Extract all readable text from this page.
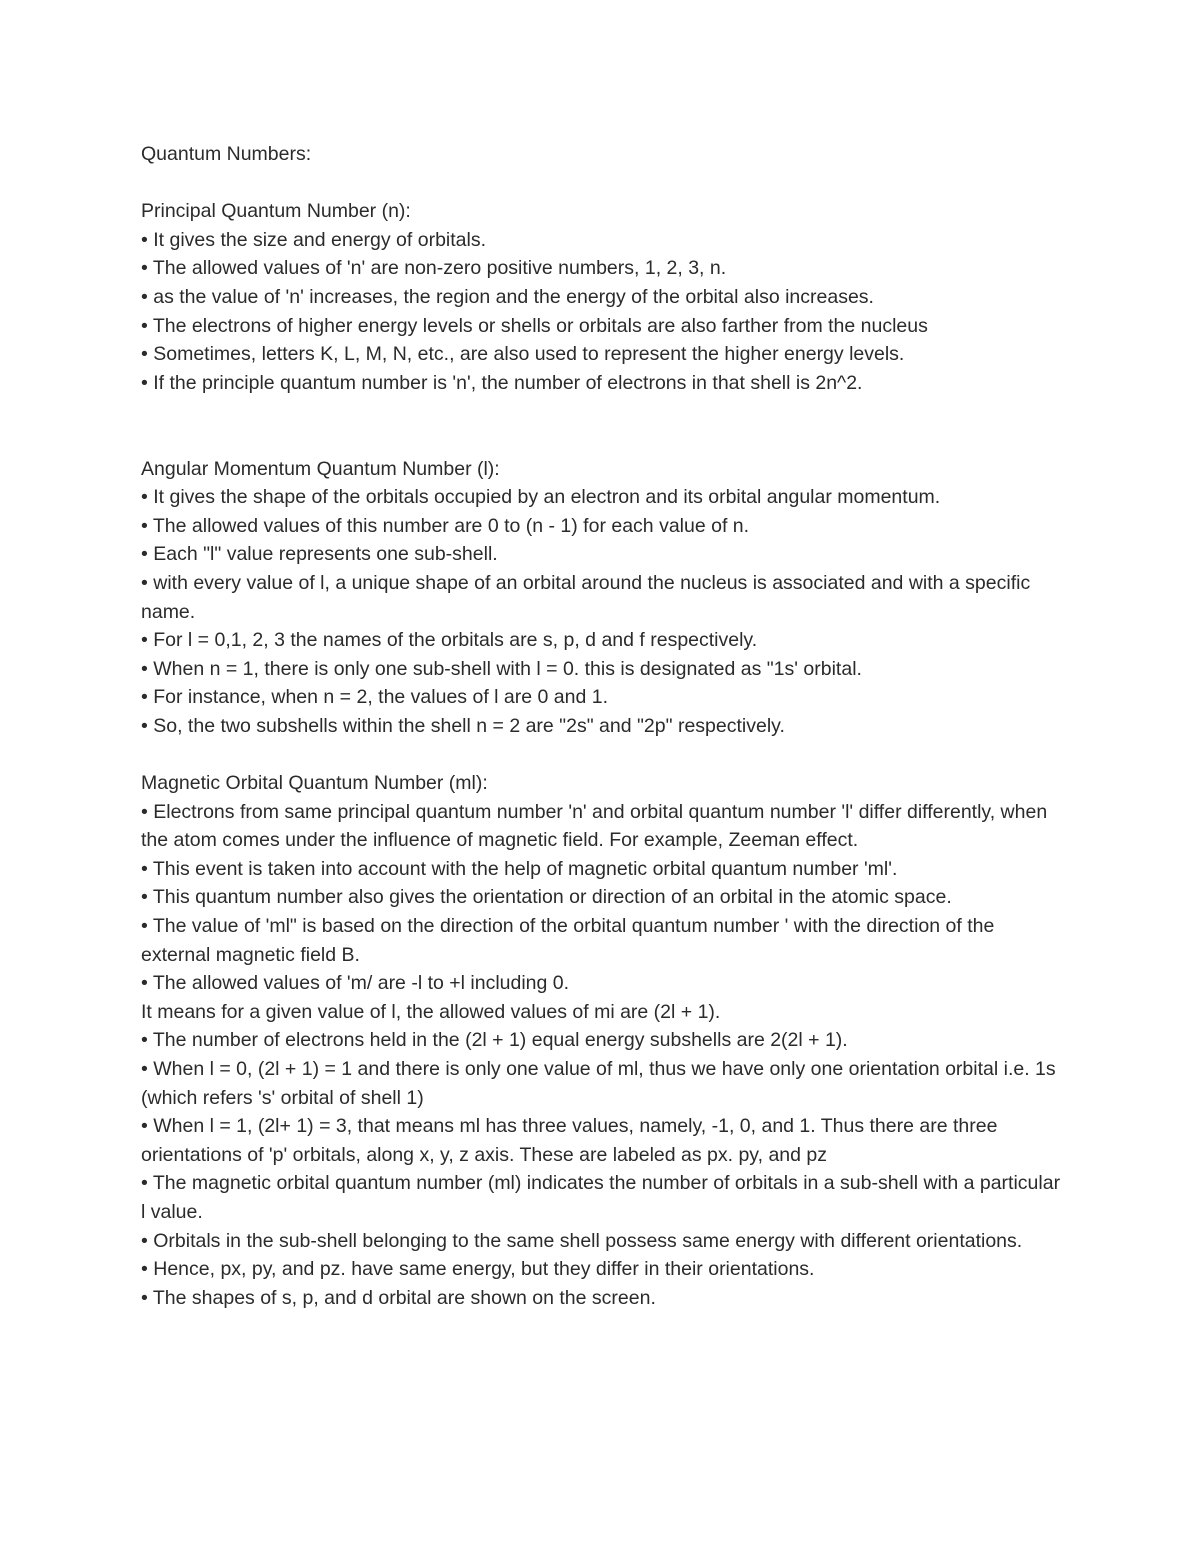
Quantum Numbers:
Principal Quantum Number (n):
• It gives the size and energy of orbitals.
• The allowed values of 'n' are non-zero positive numbers, 1, 2, 3, n.
• as the value of 'n' increases, the region and the energy of the orbital also increases.
• The electrons of higher energy levels or shells or orbitals are also farther from the nucleus
• Sometimes, letters K, L, M, N, etc., are also used to represent the higher energy levels.
• If the principle quantum number is 'n', the number of electrons in that shell is 2n^2.
Angular Momentum Quantum Number (l):
• It gives the shape of the orbitals occupied by an electron and its orbital angular momentum.
• The allowed values of this number are 0 to (n - 1) for each value of n.
• Each "l" value represents one sub-shell.
• with every value of l, a unique shape of an orbital around the nucleus is associated and with a specific name.
• For l = 0,1, 2, 3 the names of the orbitals are s, p, d and f respectively.
• When n = 1, there is only one sub-shell with l = 0. this is designated as "1s' orbital.
• For instance, when n = 2, the values of l are 0 and 1.
• So, the two subshells within the shell n = 2 are "2s" and "2p" respectively.
Magnetic Orbital Quantum Number (ml):
• Electrons from same principal quantum number 'n' and orbital quantum number 'l' differ differently, when the atom comes under the influence of magnetic field. For example, Zeeman effect.
• This event is taken into account with the help of magnetic orbital quantum number 'ml'.
• This quantum number also gives the orientation or direction of an orbital in the atomic space.
• The value of 'ml" is based on the direction of the orbital quantum number ' with the direction of the external magnetic field B.
• The allowed values of 'm/ are -l to +l including 0.
It means for a given value of l, the allowed values of mi are (2l + 1).
• The number of electrons held in the (2l + 1) equal energy subshells are 2(2l + 1).
• When l = 0, (2l + 1) = 1 and there is only one value of ml, thus we have only one orientation orbital i.e. 1s (which refers 's' orbital of shell 1)
• When l = 1, (2l+ 1) = 3, that means ml has three values, namely, -1, 0, and 1. Thus there are three orientations of 'p' orbitals, along x, y, z axis. These are labeled as px. py, and pz
• The magnetic orbital quantum number (ml) indicates the number of orbitals in a sub-shell with a particular l value.
• Orbitals in the sub-shell belonging to the same shell possess same energy with different orientations.
• Hence, px, py, and pz. have same energy, but they differ in their orientations.
• The shapes of s, p, and d orbital are shown on the screen.
